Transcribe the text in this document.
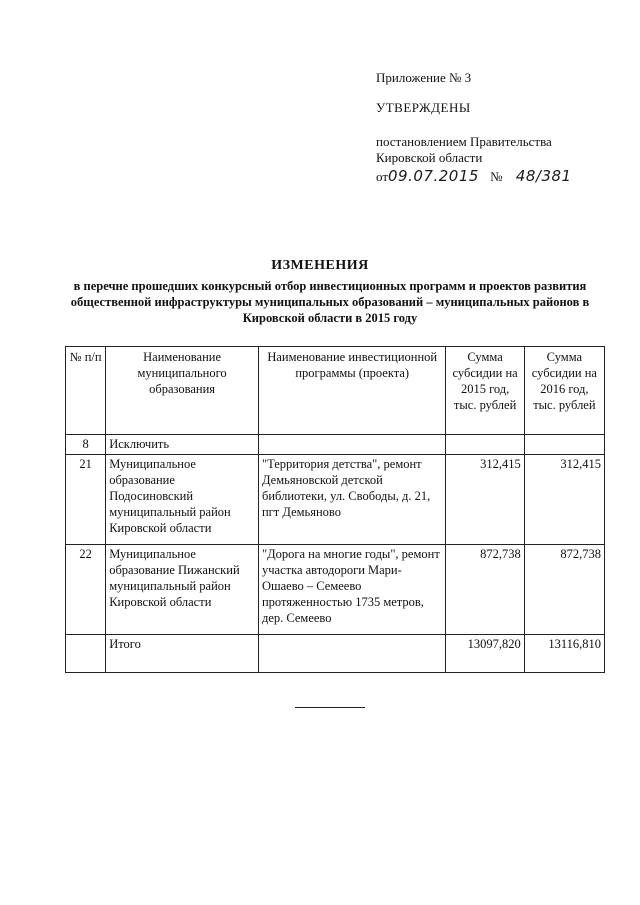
Приложение № 3
УТВЕРЖДЕНЫ
постановлением Правительства
Кировской области
от09.07.2015 № 48/381
ИЗМЕНЕНИЯ
в перечне прошедших конкурсный отбор инвестиционных программ и проектов развития общественной инфраструктуры муниципальных образований – муниципальных районов в Кировской области в 2015 году
№ п/п	Наименование муниципального образования	Наименование инвестиционной программы (проекта)	Сумма субсидии на 2015 год, тыс. рублей	Сумма субсидии на 2016 год, тыс. рублей
8	Исключить			
21	Муниципальное образование Подосиновский муниципальный район Кировской области	"Территория детства", ремонт Демьяновской детской библиотеки, ул. Свободы, д. 21, пгт Демьяново	312,415	312,415
22	Муниципальное образование Пижанский муниципальный район Кировской области	"Дорога на многие годы", ремонт участка автодороги Мари-Ошаево – Семеево протяженностью 1735 метров, дер. Семеево	872,738	872,738
	Итого		13097,820	13116,810
